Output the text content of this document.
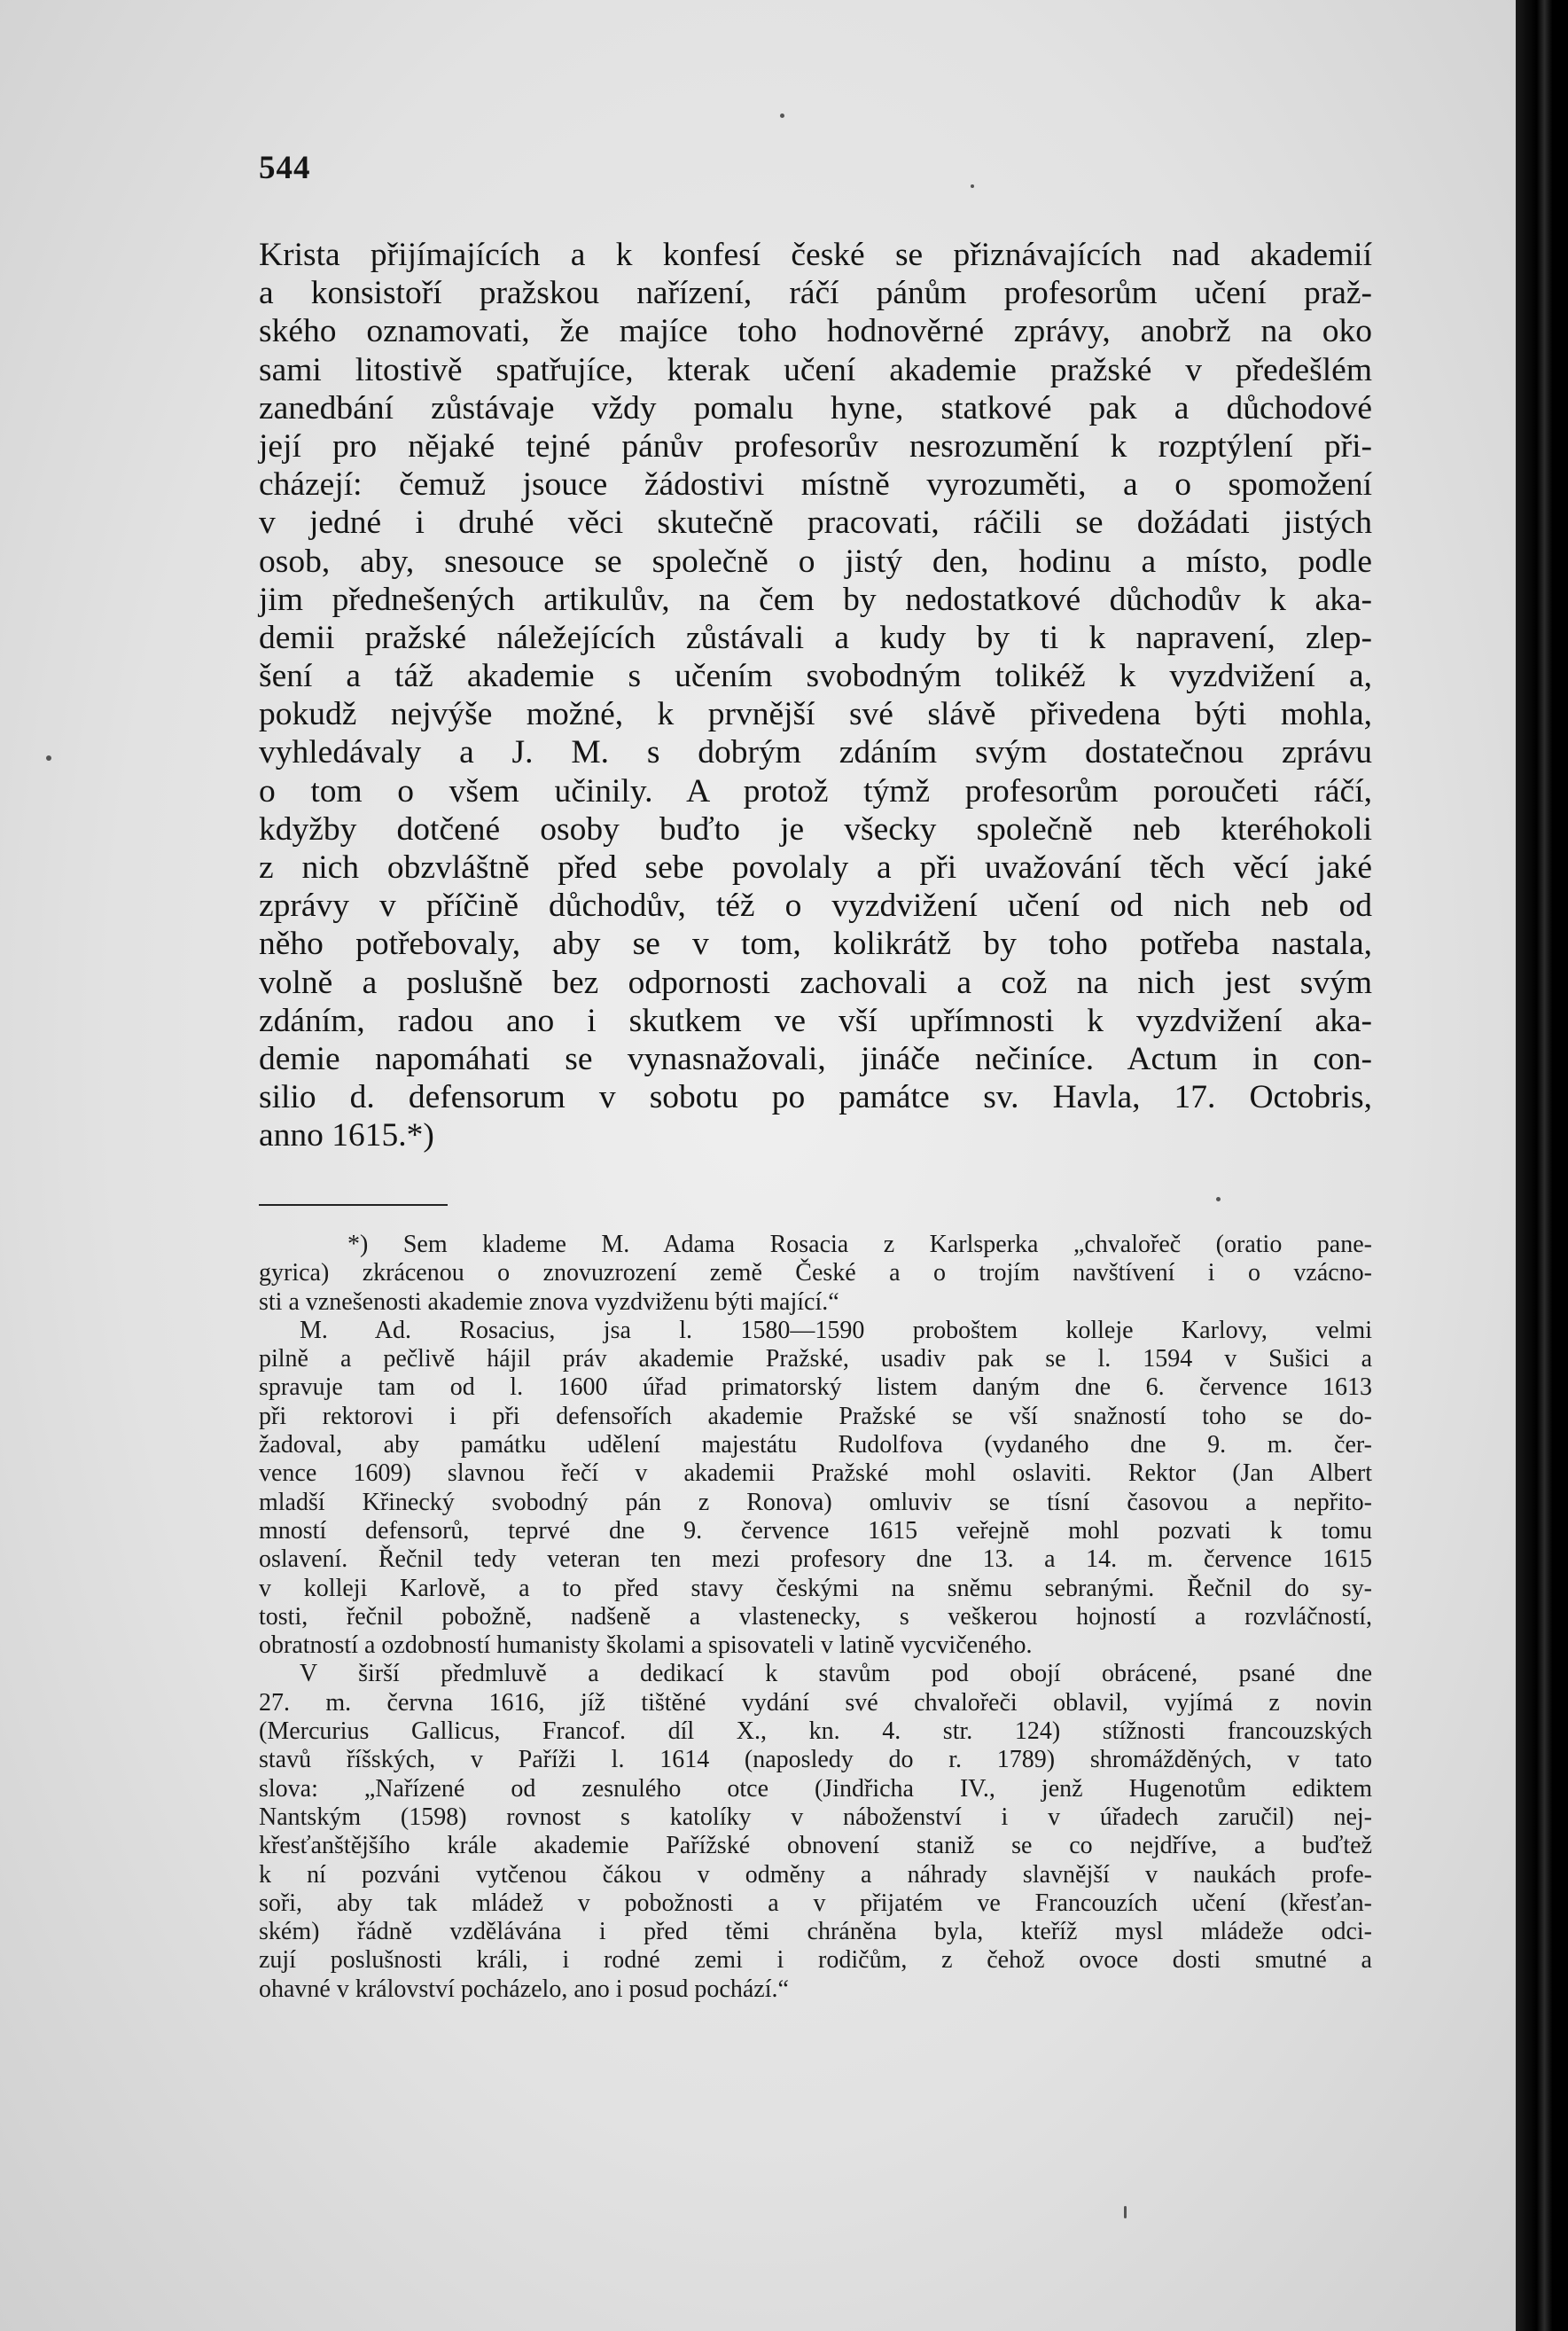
544
Krista přijímajících a k konfesí české se přiznávajících nad akademií
a konsistoří pražskou nařízení, ráčí pánům profesorům učení praž-
ského oznamovati, že majíce toho hodnověrné zprávy, anobrž na oko
sami litostivě spatřujíce, kterak učení akademie pražské v předešlém
zanedbání zůstávaje vždy pomalu hyne, statkové pak a důchodové
její pro nějaké tejné pánův profesorův nesrozumění k rozptýlení při-
cházejí: čemuž jsouce žádostivi místně vyrozuměti, a o spomožení
v jedné i druhé věci skutečně pracovati, ráčili se dožádati jistých
osob, aby, snesouce se společně o jistý den, hodinu a místo, podle
jim přednešených artikulův, na čem by nedostatkové důchodův k aka-
demii pražské náležejících zůstávali a kudy by ti k napravení, zlep-
šení a táž akademie s učením svobodným tolikéž k vyzdvižení a,
pokudž nejvýše možné, k prvnější své slávě přivedena býti mohla,
vyhledávaly a J. M. s dobrým zdáním svým dostatečnou zprávu
o tom o všem učinily. A protož týmž profesorům poroučeti ráčí,
kdyžby dotčené osoby buďto je všecky společně neb kteréhokoli
z nich obzvláštně před sebe povolaly a při uvažování těch věcí jaké
zprávy v příčině důchodův, též o vyzdvižení učení od nich neb od
něho potřebovaly, aby se v tom, kolikrátž by toho potřeba nastala,
volně a poslušně bez odpornosti zachovali a což na nich jest svým
zdáním, radou ano i skutkem ve vší upřímnosti k vyzdvižení aka-
demie napomáhati se vynasnažovali, jináče nečiníce. Actum in con-
silio d. defensorum v sobotu po památce sv. Havla, 17. Octobris,
anno 1615.*)
*) Sem klademe M. Adama Rosacia z Karlsperka „chvalořeč (oratio pane-
gyrica) zkrácenou o znovuzrození země České a o trojím navštívení i o vzácno-
sti a vznešenosti akademie znova vyzdviženu býti mající.“
M. Ad. Rosacius, jsa l. 1580—1590 proboštem kolleje Karlovy, velmi
pilně a pečlivě hájil práv akademie Pražské, usadiv pak se l. 1594 v Sušici a
spravuje tam od l. 1600 úřad primatorský listem daným dne 6. července 1613
při rektorovi i při defensořích akademie Pražské se vší snažností toho se do-
žadoval, aby památku udělení majestátu Rudolfova (vydaného dne 9. m. čer-
vence 1609) slavnou řečí v akademii Pražské mohl oslaviti. Rektor (Jan Albert
mladší Křinecký svobodný pán z Ronova) omluviv se tísní časovou a nepřito-
mností defensorů, teprvé dne 9. července 1615 veřejně mohl pozvati k tomu
oslavení. Řečnil tedy veteran ten mezi profesory dne 13. a 14. m. července 1615
v kolleji Karlově, a to před stavy českými na sněmu sebranými. Řečnil do sy-
tosti, řečnil pobožně, nadšeně a vlastenecky, s veškerou hojností a rozvláčností,
obratností a ozdobností humanisty školami a spisovateli v latině vycvičeného.
V širší předmluvě a dedikací k stavům pod obojí obrácené, psané dne
27. m. června 1616, jíž tištěné vydání své chvalořeči oblavil, vyjímá z novin
(Mercurius Gallicus, Francof. díl X., kn. 4. str. 124) stížnosti francouzských
stavů říšských, v Paříži l. 1614 (naposledy do r. 1789) shromážděných, v tato
slova: „Nařízené od zesnulého otce (Jindřicha IV., jenž Hugenotům ediktem
Nantským (1598) rovnost s katolíky v náboženství i v úřadech zaručil) nej-
křesťanštějšího krále akademie Pařížské obnovení staniž se co nejdříve, a buďtež
k ní pozváni vytčenou čákou v odměny a náhrady slavnější v naukách profe-
soři, aby tak mládež v pobožnosti a v přijatém ve Francouzích učení (křesťan-
ském) řádně vzdělávána i před těmi chráněna byla, kteříž mysl mládeže odci-
zují poslušnosti králi, i rodné zemi i rodičům, z čehož ovoce dosti smutné a
ohavné v království pocházelo, ano i posud pochází.“
